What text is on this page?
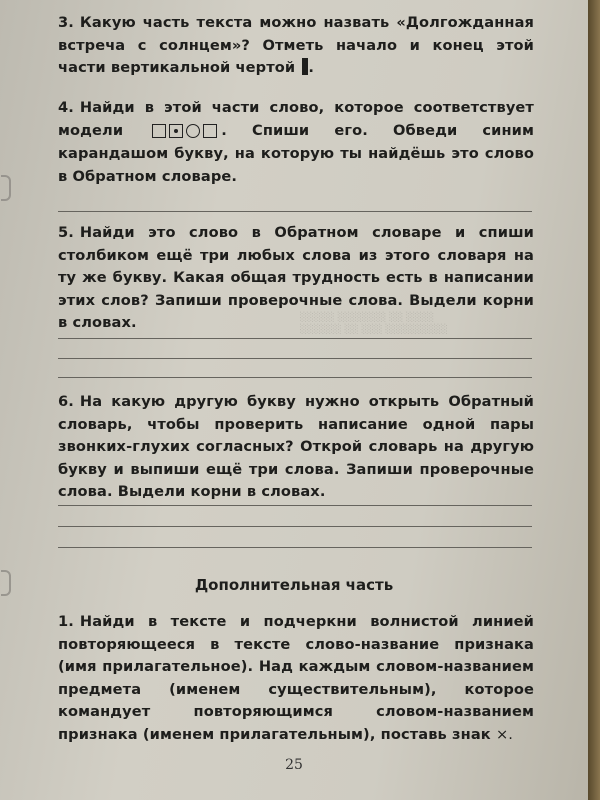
░░░░░ ░░░░░░░ ░░ ░░░░
░░░░░░ ░░ ░░░ ░░░░░░░░░
3. Какую часть текста можно назвать «Долгожданная встреча с солнцем»? Отметь начало и конец этой части вертикальной чертой .
4. Найди в этой части слово, которое соответствует модели	. Спиши его. Обведи синим карандашом букву, на которую ты найдёшь это слово в Обратном словаре.
5. Найди это слово в Обратном словаре и спиши столбиком ещё три любых слова из этого словаря на ту же букву. Какая общая трудность есть в написании этих слов? Запиши проверочные слова. Выдели корни в словах.
6. На какую другую букву нужно открыть Обратный словарь, чтобы проверить написание одной пары звонких-глухих согласных? Открой словарь на другую букву и выпиши ещё три слова. Запиши проверочные слова. Выдели корни в словах.
Дополнительная часть
1. Найди в тексте и подчеркни волнистой линией повторяющееся в тексте слово-название признака (имя прилагательное). Над каждым словом-названием предмета (именем существительным), которое командует повторяющимся словом-названием признака (именем прилагательным), поставь знак ×.
25
